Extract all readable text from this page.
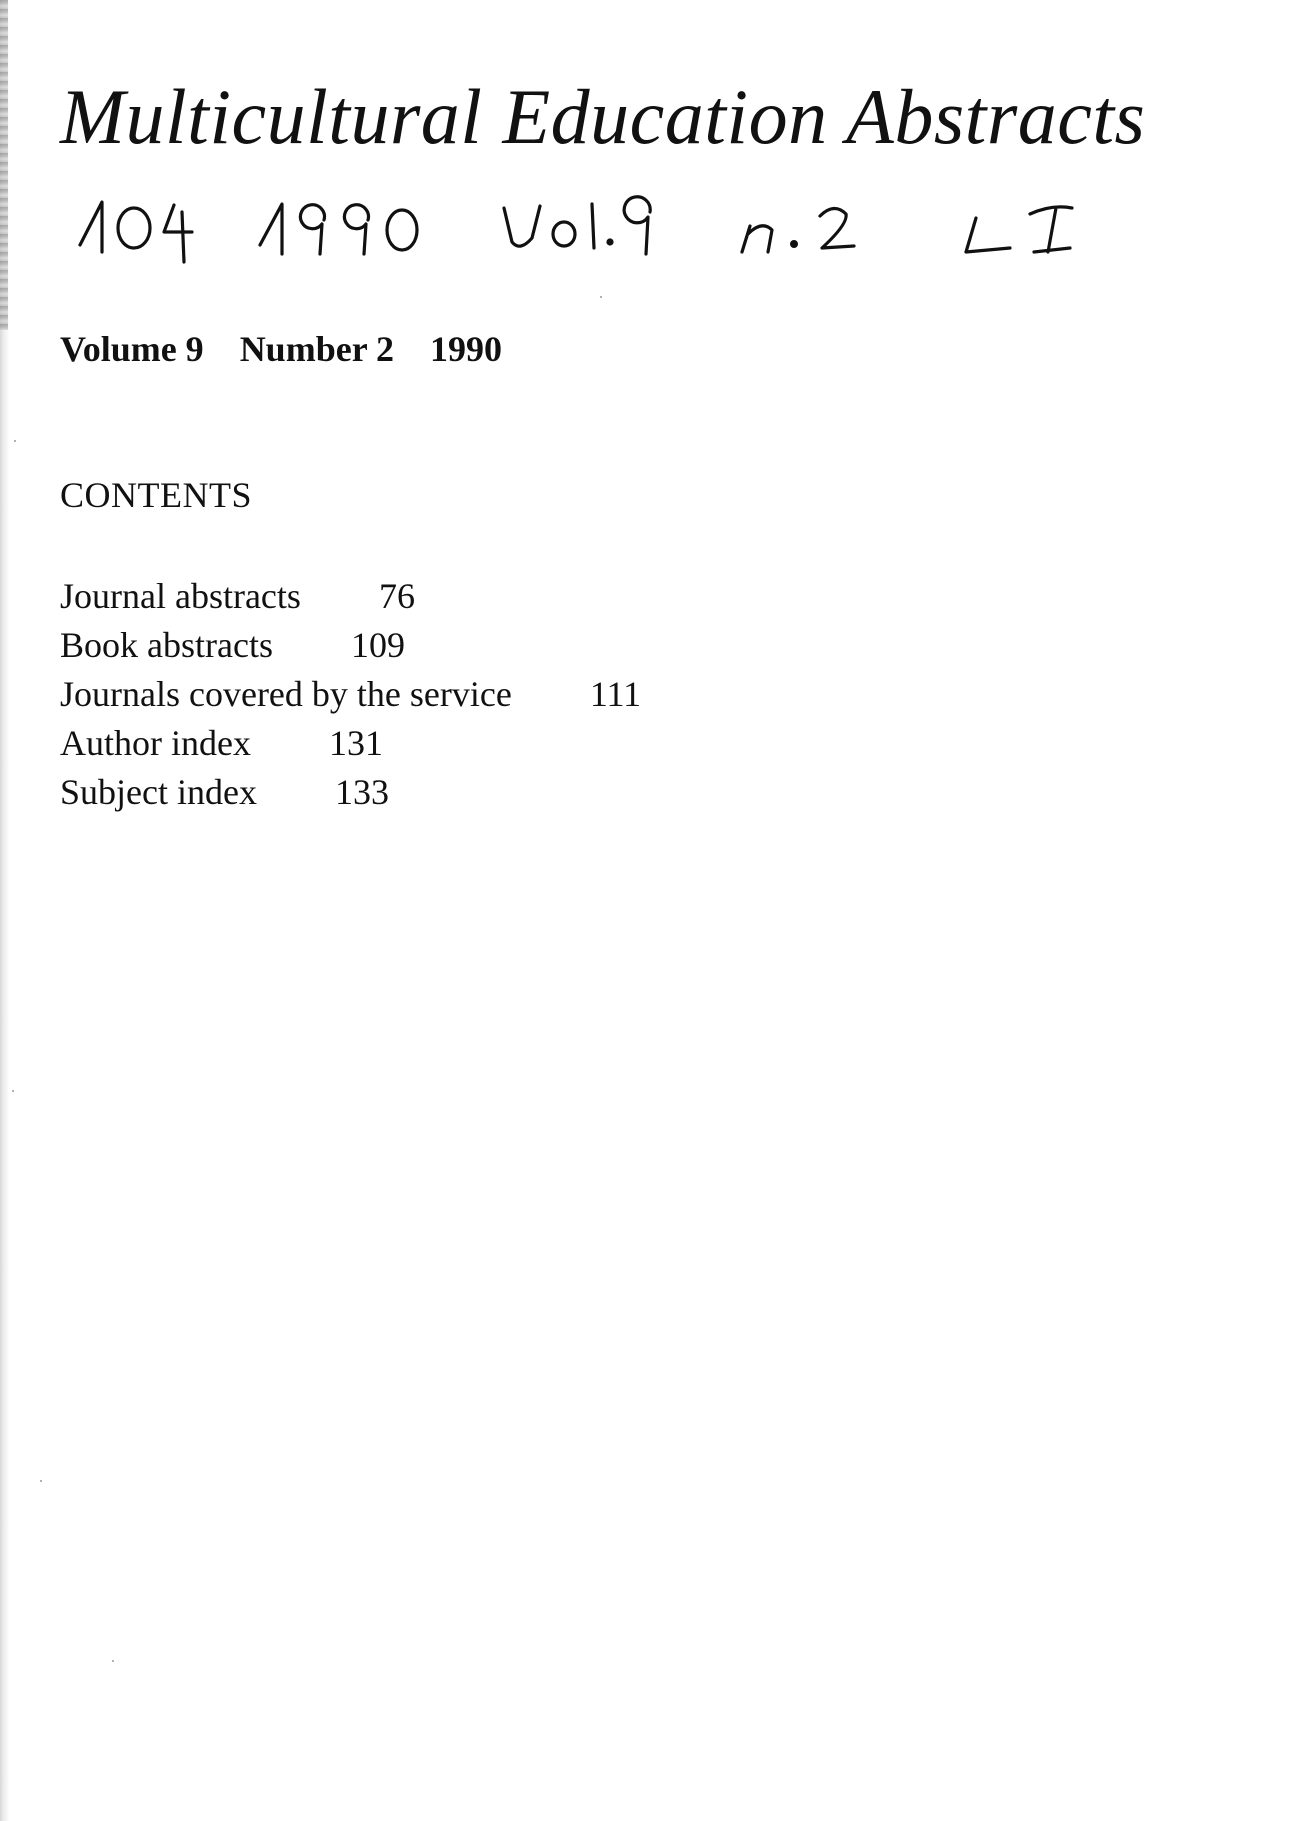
Multicultural Education Abstracts
Volume 9 Number 2 1990
CONTENTS
Journal abstracts 76
Book abstracts 109
Journals covered by the service 111
Author index 131
Subject index 133
